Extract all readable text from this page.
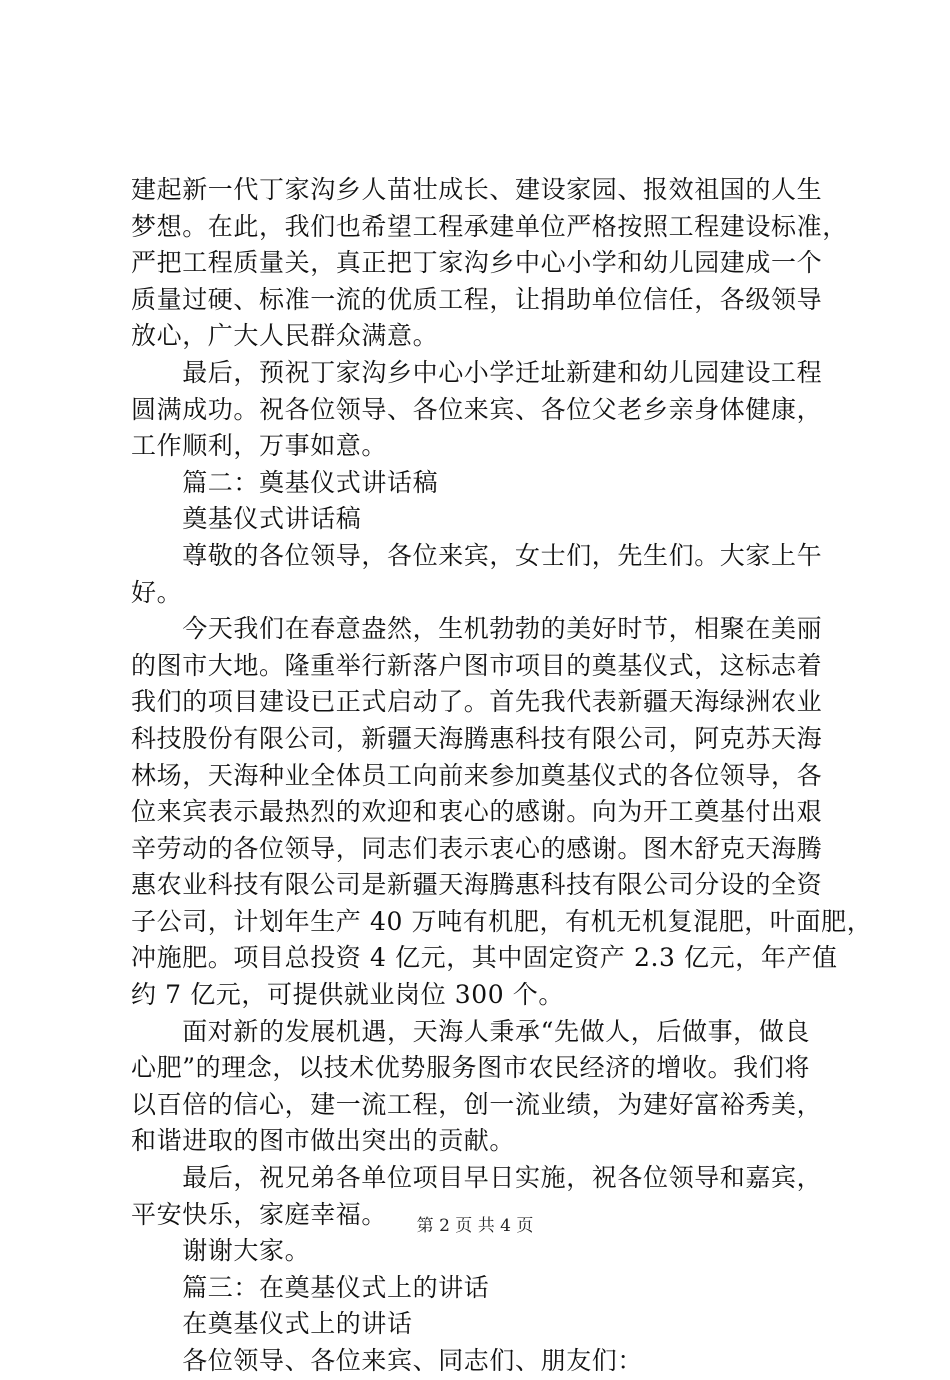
建起新一代丁家沟乡人苗壮成长、建设家园、报效祖国的人生
梦想。在此，我们也希望工程承建单位严格按照工程建设标准，
严把工程质量关，真正把丁家沟乡中心小学和幼儿园建成一个
质量过硬、标准一流的优质工程，让捐助单位信任，各级领导
放心，广大人民群众满意。
　　最后，预祝丁家沟乡中心小学迁址新建和幼儿园建设工程
圆满成功。祝各位领导、各位来宾、各位父老乡亲身体健康，
工作顺利，万事如意。
　　篇二：奠基仪式讲话稿
　　奠基仪式讲话稿
　　尊敬的各位领导，各位来宾，女士们，先生们。大家上午
好。
　　今天我们在春意盎然，生机勃勃的美好时节，相聚在美丽
的图市大地。隆重举行新落户图市项目的奠基仪式，这标志着
我们的项目建设已正式启动了。首先我代表新疆天海绿洲农业
科技股份有限公司，新疆天海腾惠科技有限公司，阿克苏天海
林场，天海种业全体员工向前来参加奠基仪式的各位领导，各
位来宾表示最热烈的欢迎和衷心的感谢。向为开工奠基付出艰
辛劳动的各位领导，同志们表示衷心的感谢。图木舒克天海腾
惠农业科技有限公司是新疆天海腾惠科技有限公司分设的全资
子公司，计划年生产 40 万吨有机肥，有机无机复混肥，叶面肥，
冲施肥。项目总投资 4 亿元，其中固定资产 2.3 亿元，年产值
约 7 亿元，可提供就业岗位 300 个。
　　面对新的发展机遇，天海人秉承“先做人，后做事，做良
心肥”的理念，以技术优势服务图市农民经济的增收。我们将
以百倍的信心，建一流工程，创一流业绩，为建好富裕秀美，
和谐进取的图市做出突出的贡献。
　　最后，祝兄弟各单位项目早日实施，祝各位领导和嘉宾，
平安快乐，家庭幸福。
　　谢谢大家。
　　篇三：在奠基仪式上的讲话
　　在奠基仪式上的讲话
　　各位领导、各位来宾、同志们、朋友们：
第 2 页 共 4 页
